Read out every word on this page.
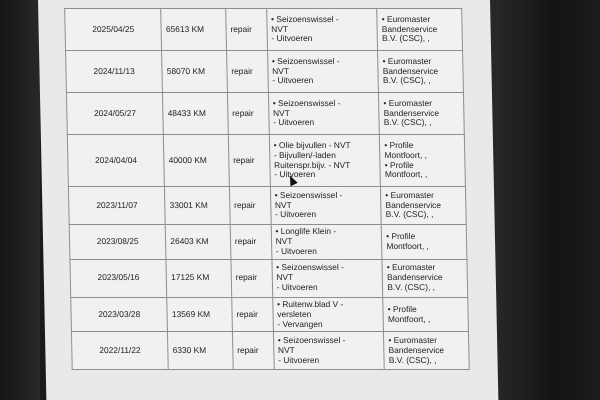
2025/04/25	65613 KM	repair	• Seizoenswissel -
NVT
- Uitvoeren	• Euromaster
Bandenservice
B.V. (CSC), ,

2024/11/13	58070 KM	repair	• Seizoenswissel -
NVT
- Uitvoeren	• Euromaster
Bandenservice
B.V. (CSC), ,

2024/05/27	48433 KM	repair	• Seizoenswissel -
NVT
- Uitvoeren	• Euromaster
Bandenservice
B.V. (CSC), ,

2024/04/04	40000 KM	repair	• Olie bijvullen - NVT
- Bijvullen/-laden
Ruitenspr.bijv. - NVT
- Uitvoeren	• Profile
Montfoort, ,
• Profile
Montfoort, ,

2023/11/07	33001 KM	repair	• Seizoenswissel -
NVT
- Uitvoeren	• Euromaster
Bandenservice
B.V. (CSC), ,

2023/08/25	26403 KM	repair	• Longlife Klein -
NVT
- Uitvoeren	• Profile
Montfoort, ,

2023/05/16	17125 KM	repair	• Seizoenswissel -
NVT
- Uitvoeren	• Euromaster
Bandenservice
B.V. (CSC), ,

2023/03/28	13569 KM	repair	• Ruitenw.blad V -
versleten
- Vervangen	• Profile
Montfoort, ,

2022/11/22	6330 KM	repair	• Seizoenswissel -
NVT
- Uitvoeren	• Euromaster
Bandenservice
B.V. (CSC), ,
